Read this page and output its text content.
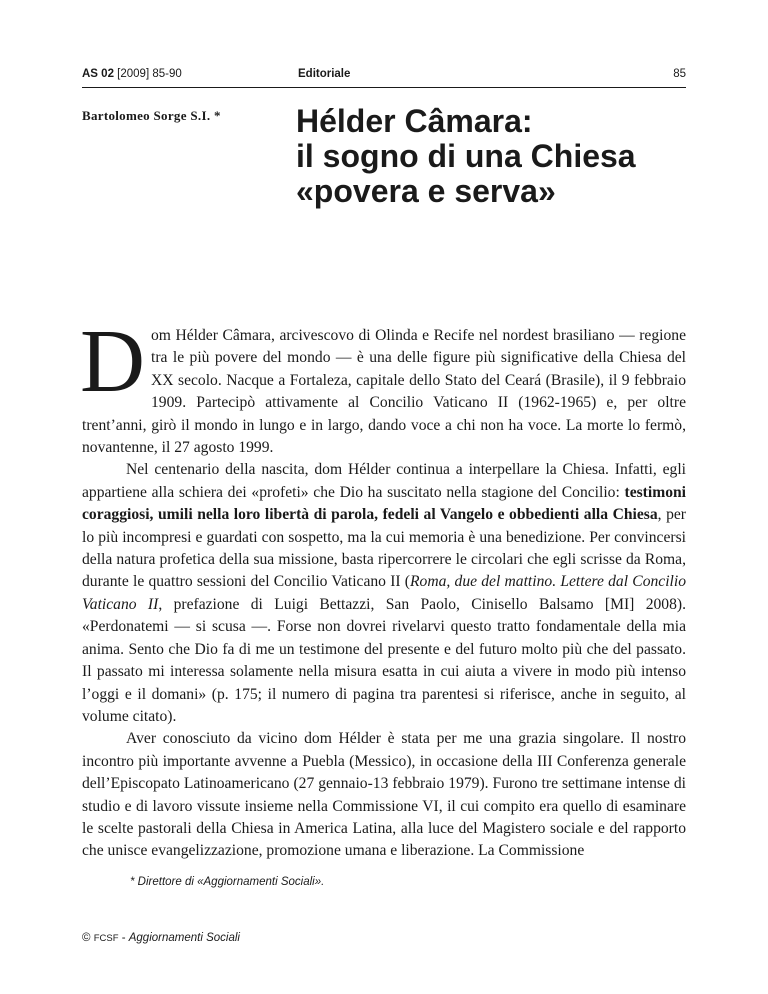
AS 02 [2009] 85-90	Editoriale	85
Bartolomeo Sorge S.I. * Hélder Câmara:
il sogno di una Chiesa
«povera e serva»

Dom Hélder Câmara, arcivescovo di Olinda e Recife nel nordest brasiliano — regione tra le più povere del mondo — è una delle figure più significative della Chiesa del XX secolo. Nacque a Fortaleza, capitale dello Stato del Ceará (Brasile), il 9 febbraio 1909. Partecipò attivamente al Concilio Vaticano II (1962-1965) e, per oltre trent’anni, girò il mondo in lungo e in largo, dando voce a chi non ha voce. La morte lo fermò, novantenne, il 27 agosto 1999.

Nel centenario della nascita, dom Hélder continua a interpellare la Chiesa. Infatti, egli appartiene alla schiera dei «profeti» che Dio ha suscitato nella stagione del Concilio: testimoni coraggiosi, umili nella loro libertà di parola, fedeli al Vangelo e obbedienti alla Chiesa, per lo più incompresi e guardati con sospetto, ma la cui memoria è una benedizione. Per convincersi della natura profetica della sua missione, basta ripercorrere le circolari che egli scrisse da Roma, durante le quattro sessioni del Concilio Vaticano II (Roma, due del mattino. Lettere dal Concilio Vaticano II, prefazione di Luigi Bettazzi, San Paolo, Cinisello Balsamo [MI] 2008). «Perdonatemi — si scusa —. Forse non dovrei rivelarvi questo tratto fondamentale della mia anima. Sento che Dio fa di me un testimone del presente e del futuro molto più che del passato. Il passato mi interessa solamente nella misura esatta in cui aiuta a vivere in modo più intenso l’oggi e il domani» (p. 175; il numero di pagina tra parentesi si riferisce, anche in seguito, al volume citato).

Aver conosciuto da vicino dom Hélder è stata per me una grazia singolare. Il nostro incontro più importante avvenne a Puebla (Messico), in occasione della III Conferenza generale dell’Episcopato Latinoamericano (27 gennaio-13 febbraio 1979). Furono tre settimane intense di studio e di lavoro vissute insieme nella Commissione VI, il cui compito era quello di esaminare le scelte pastorali della Chiesa in America Latina, alla luce del Magistero sociale e del rapporto che unisce evangelizzazione, promozione umana e liberazione. La Commissione

* Direttore di «Aggiornamenti Sociali».
© FCSF - Aggiornamenti Sociali
